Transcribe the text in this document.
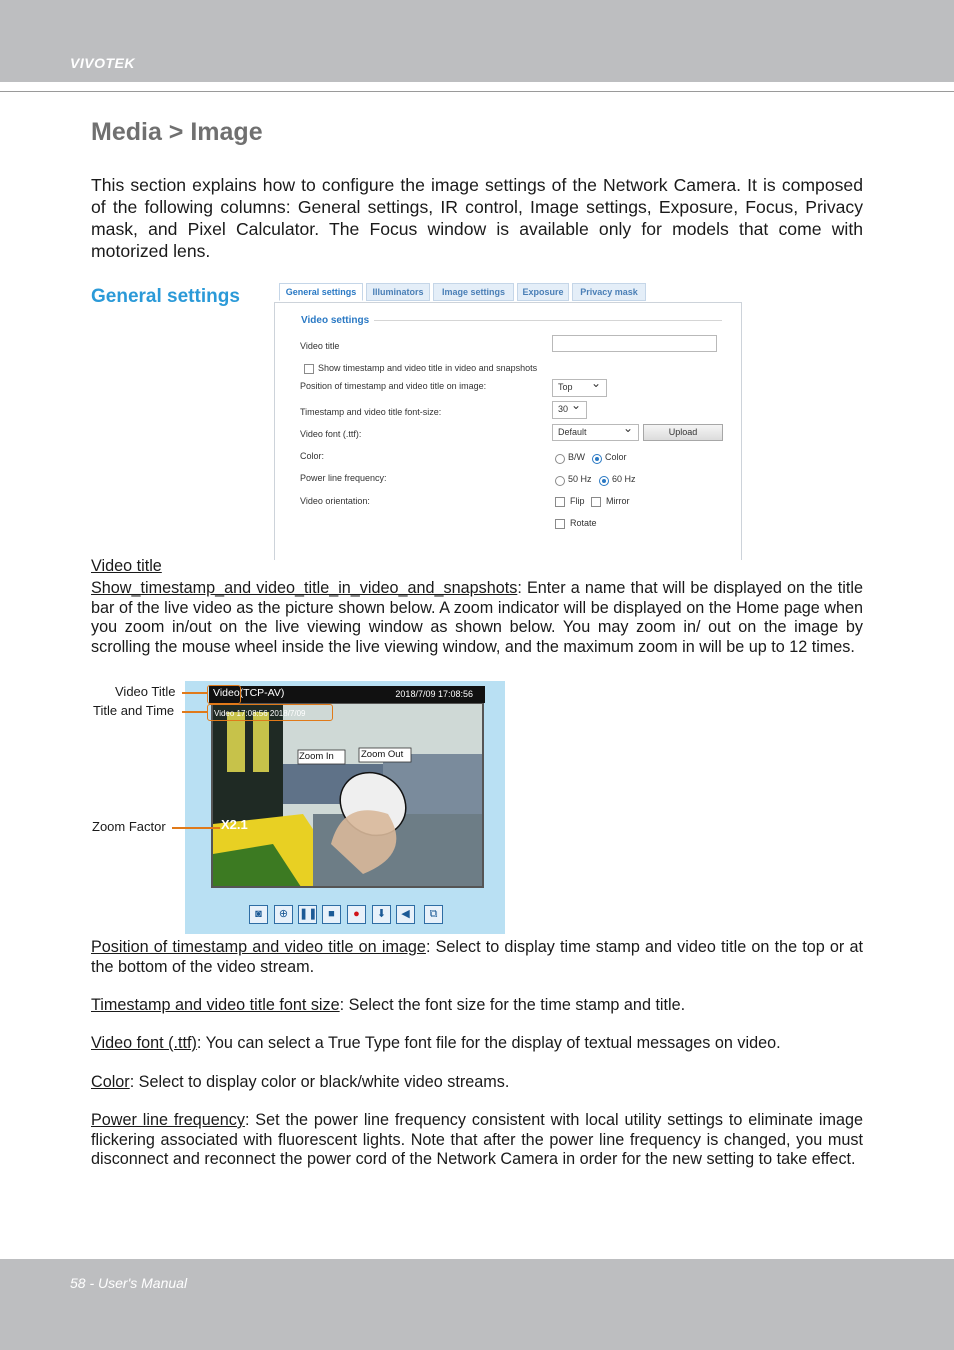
VIVOTEK
Media > Image
This section explains how to configure the image settings of the Network Camera. It is composed of the following columns: General settings, IR control, Image settings, Exposure, Focus, Privacy mask, and Pixel Calculator. The Focus window is available only for models that come with motorized lens.
General settings	General settings	Illuminators	Image settings	Exposure	Privacy mask
Video settings
Video title
Show timestamp and video title in video and snapshots
Position of timestamp and video title on image:	Top ⌄
Timestamp and video title font-size:	30 ⌄
Video font (.ttf):	Default ⌄	Upload
Color:	B/W Color
Power line frequency:	50 Hz 60 Hz
Video orientation:	Flip Mirror
Rotate
Video title
Show_timestamp_and video_title_in_video_and_snapshots: Enter a name that will be displayed on the title bar of the live video as the picture shown below. A zoom indicator will be displayed on the Home page when you zoom in/out on the live viewing window as shown below. You may zoom in/ out on the image by scrolling the mouse wheel inside the live viewing window, and the maximum zoom in will be up to 12 times.
Zoom In	Zoom Out
X2.1
Video(TCP-AV)	2018/7/09 17:08:56
Video 17:08:56 2018/7/09
Video Title
Title and Time
Zoom Factor
◙	⊕ ❚❚ ■	●	⬇	◀	⧉
Position of timestamp and video title on image: Select to display time stamp and video title on the top or at the bottom of the video stream.
Timestamp and video title font size: Select the font size for the time stamp and title.
Video font (.ttf): You can select a True Type font file for the display of textual messages on video.
Color: Select to display color or black/white video streams.
Power line frequency: Set the power line frequency consistent with local utility settings to eliminate image flickering associated with fluorescent lights. Note that after the power line frequency is changed, you must disconnect and reconnect the power cord of the Network Camera in order for the new setting to take effect.
58 - User's Manual
